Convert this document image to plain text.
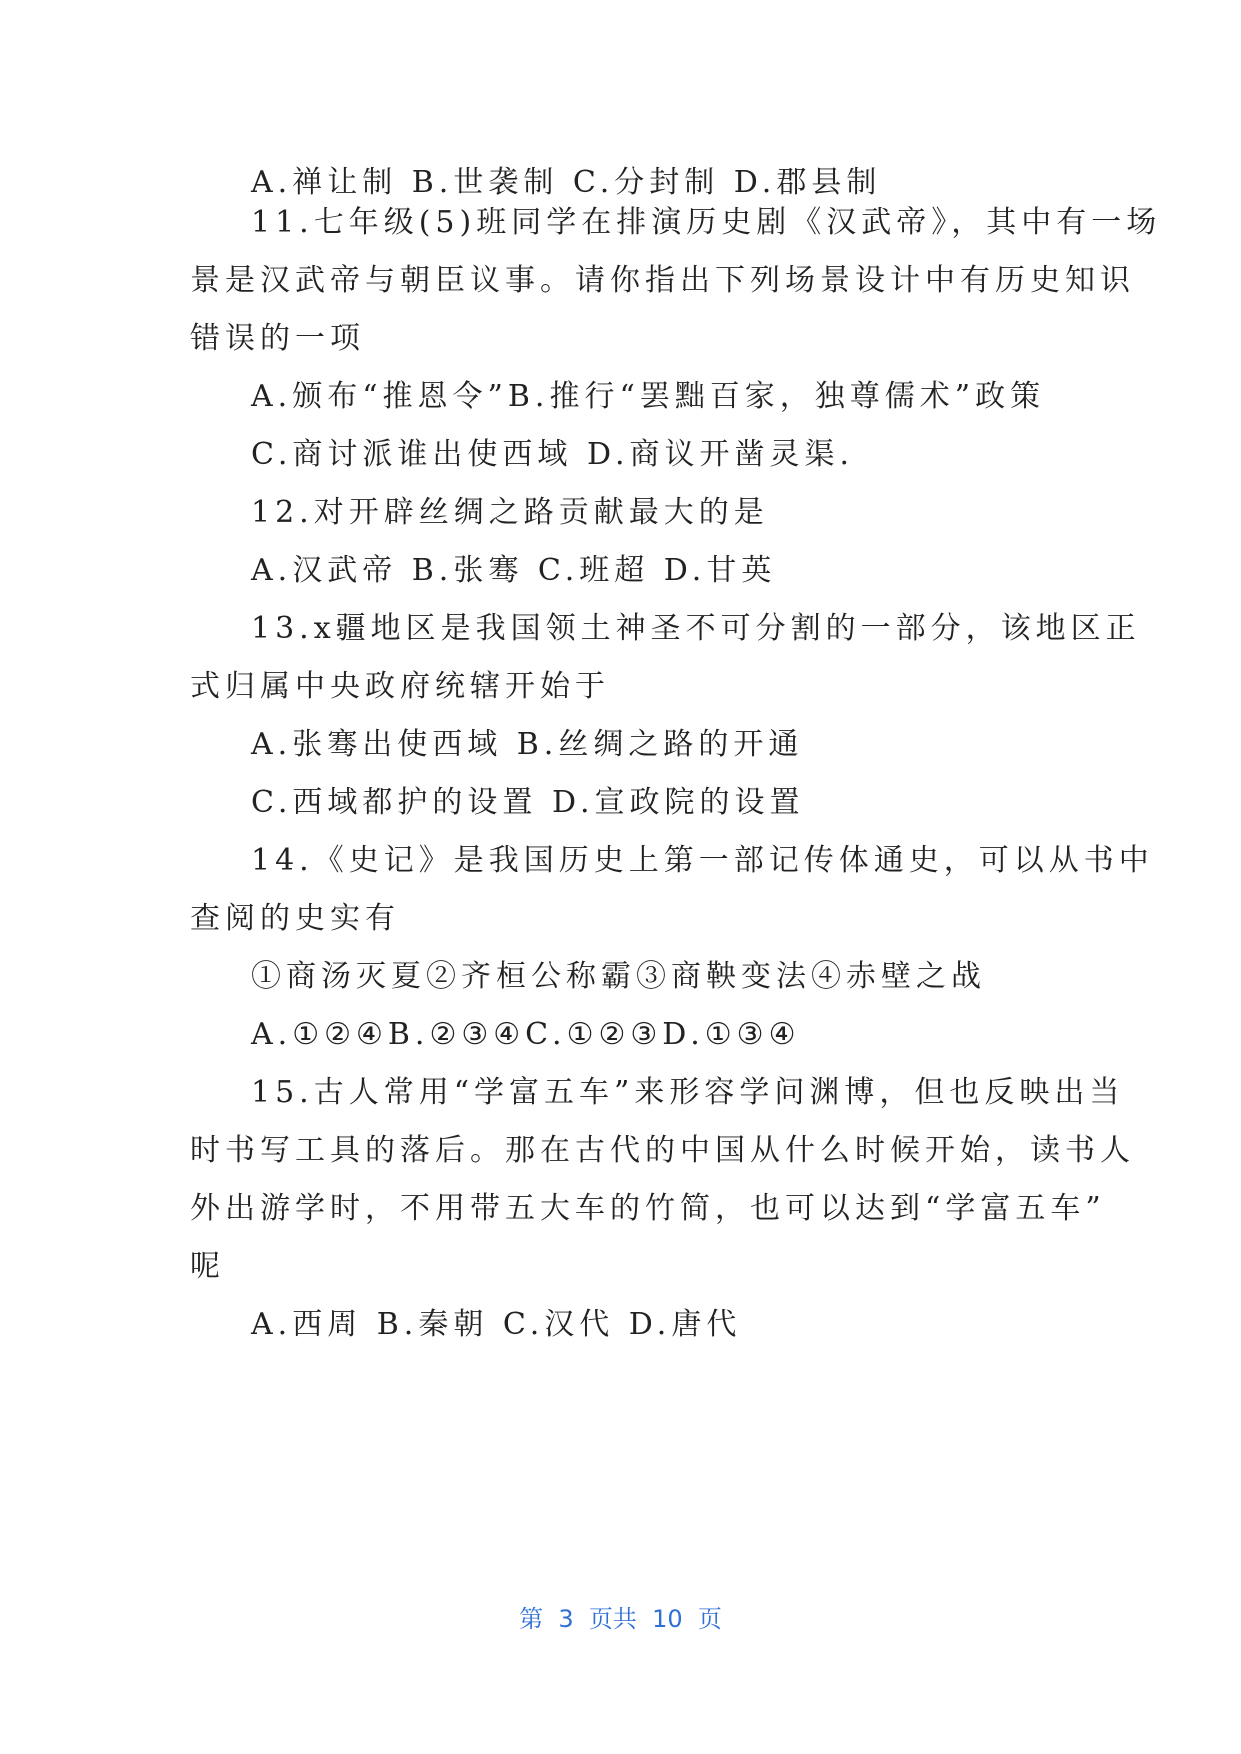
A.禅让制 B.世袭制 C.分封制 D.郡县制
11.七年级(5)班同学在排演历史剧《汉武帝》，其中有一场
景是汉武帝与朝臣议事。请你指出下列场景设计中有历史知识
错误的一项
A.颁布“推恩令”B.推行“罢黜百家，独尊儒术”政策
C.商讨派谁出使西域 D.商议开凿灵渠.
12.对开辟丝绸之路贡献最大的是
A.汉武帝 B.张骞 C.班超 D.甘英
13.x疆地区是我国领土神圣不可分割的一部分，该地区正
式归属中央政府统辖开始于
A.张骞出使西域 B.丝绸之路的开通
C.西域都护的设置 D.宣政院的设置
14.《史记》是我国历史上第一部记传体通史，可以从书中
查阅的史实有
①商汤灭夏②齐桓公称霸③商鞅变法④赤壁之战
A.①②④B.②③④C.①②③D.①③④
15.古人常用“学富五车”来形容学问渊博，但也反映出当
时书写工具的落后。那在古代的中国从什么时候开始，读书人
外出游学时，不用带五大车的竹简，也可以达到“学富五车”
呢
A.西周 B.秦朝 C.汉代 D.唐代
第  3  页共  10  页
